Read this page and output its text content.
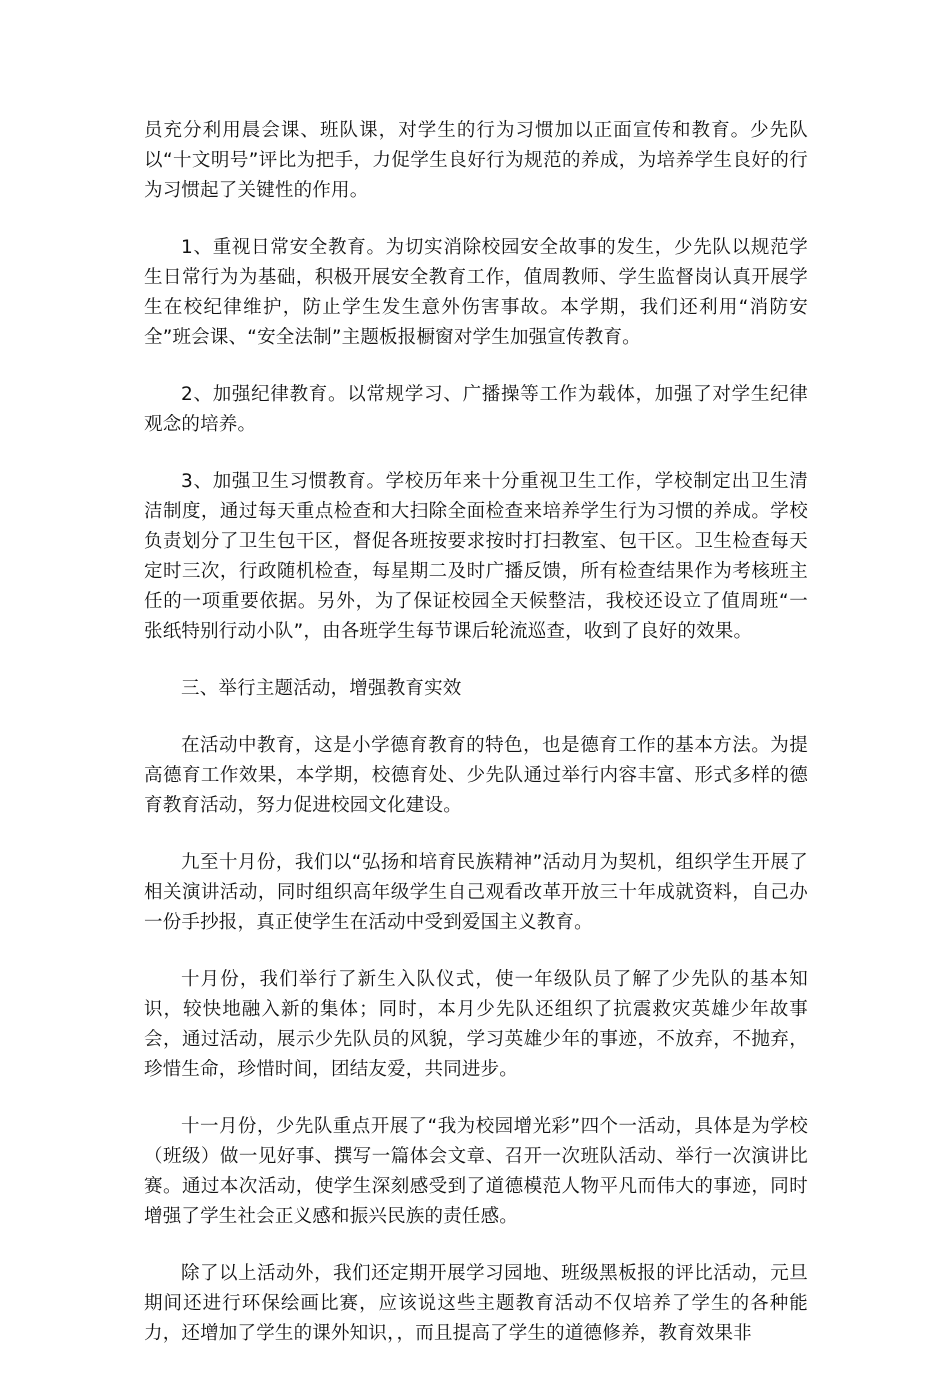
员充分利用晨会课、班队课，对学生的行为习惯加以正面宣传和教育。少先队以“十文明号”评比为把手，力促学生良好行为规范的养成，为培养学生良好的行为习惯起了关键性的作用。

1、重视日常安全教育。为切实消除校园安全故事的发生，少先队以规范学生日常行为为基础，积极开展安全教育工作，值周教师、学生监督岗认真开展学生在校纪律维护，防止学生发生意外伤害事故。本学期，我们还利用“消防安全”班会课、“安全法制”主题板报橱窗对学生加强宣传教育。

2、加强纪律教育。以常规学习、广播操等工作为载体，加强了对学生纪律观念的培养。

3、加强卫生习惯教育。学校历年来十分重视卫生工作，学校制定出卫生清洁制度，通过每天重点检查和大扫除全面检查来培养学生行为习惯的养成。学校负责划分了卫生包干区，督促各班按要求按时打扫教室、包干区。卫生检查每天定时三次，行政随机检查，每星期二及时广播反馈，所有检查结果作为考核班主任的一项重要依据。另外，为了保证校园全天候整洁，我校还设立了值周班“一张纸特别行动小队”，由各班学生每节课后轮流巡查，收到了良好的效果。

三、举行主题活动，增强教育实效

在活动中教育，这是小学德育教育的特色，也是德育工作的基本方法。为提高德育工作效果，本学期，校德育处、少先队通过举行内容丰富、形式多样的德育教育活动，努力促进校园文化建设。

九至十月份，我们以“弘扬和培育民族精神”活动月为契机，组织学生开展了相关演讲活动，同时组织高年级学生自己观看改革开放三十年成就资料，自己办一份手抄报，真正使学生在活动中受到爱国主义教育。

十月份，我们举行了新生入队仪式，使一年级队员了解了少先队的基本知识，较快地融入新的集体；同时，本月少先队还组织了抗震救灾英雄少年故事会，通过活动，展示少先队员的风貌，学习英雄少年的事迹，不放弃，不抛弃，珍惜生命，珍惜时间，团结友爱，共同进步。

十一月份，少先队重点开展了“我为校园增光彩”四个一活动，具体是为学校（班级）做一见好事、撰写一篇体会文章、召开一次班队活动、举行一次演讲比赛。通过本次活动，使学生深刻感受到了道德模范人物平凡而伟大的事迹，同时增强了学生社会正义感和振兴民族的责任感。

除了以上活动外，我们还定期开展学习园地、班级黑板报的评比活动，元旦期间还进行环保绘画比赛，应该说这些主题教育活动不仅培养了学生的各种能力，还增加了学生的课外知识，，而且提高了学生的道德修养，教育效果非
